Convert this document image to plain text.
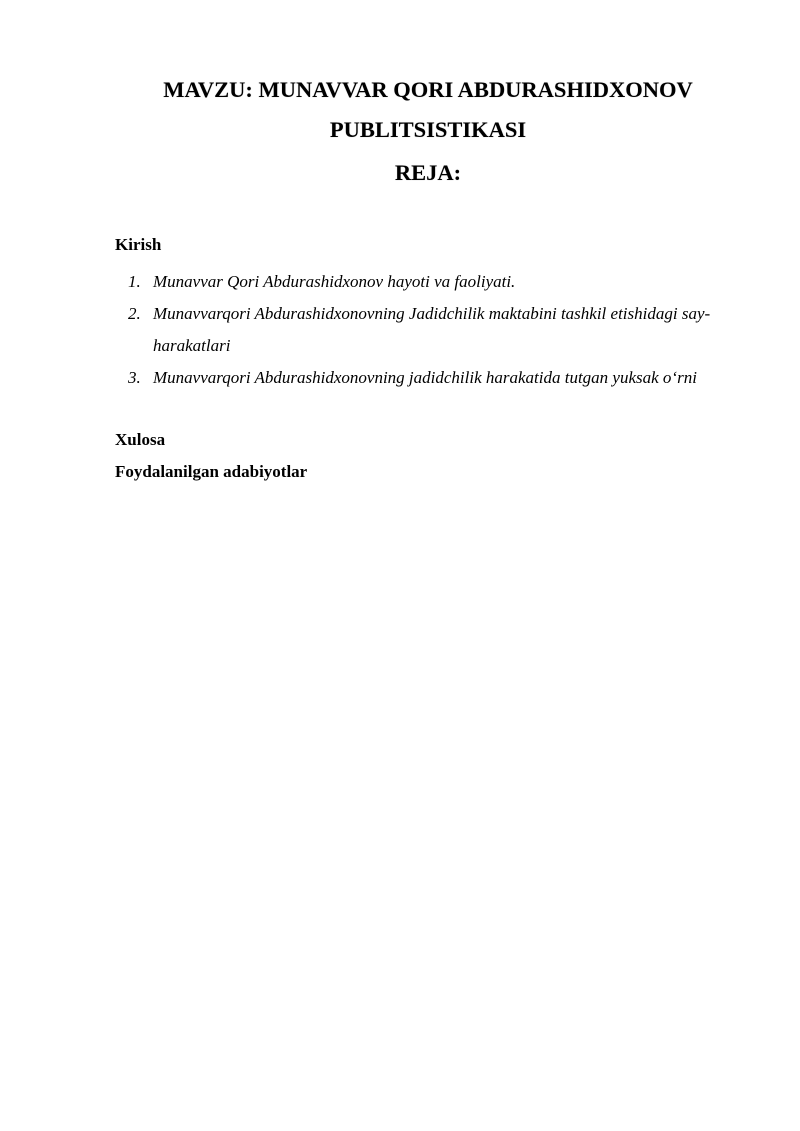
MAVZU: MUNAVVAR QORI ABDURASHIDXONOV
PUBLITSISTIKASI
REJA:

Kirish

1. Munavvar Qori Abdurashidxonov hayoti va faoliyati.
2. Munavvarqori Abdurashidxonovning Jadidchilik maktabini tashkil etishidagi say-harakatlari
3. Munavvarqori Abdurashidxonovning jadidchilik harakatida tutgan yuksak o‘rni

Xulosa

Foydalanilgan adabiyotlar
